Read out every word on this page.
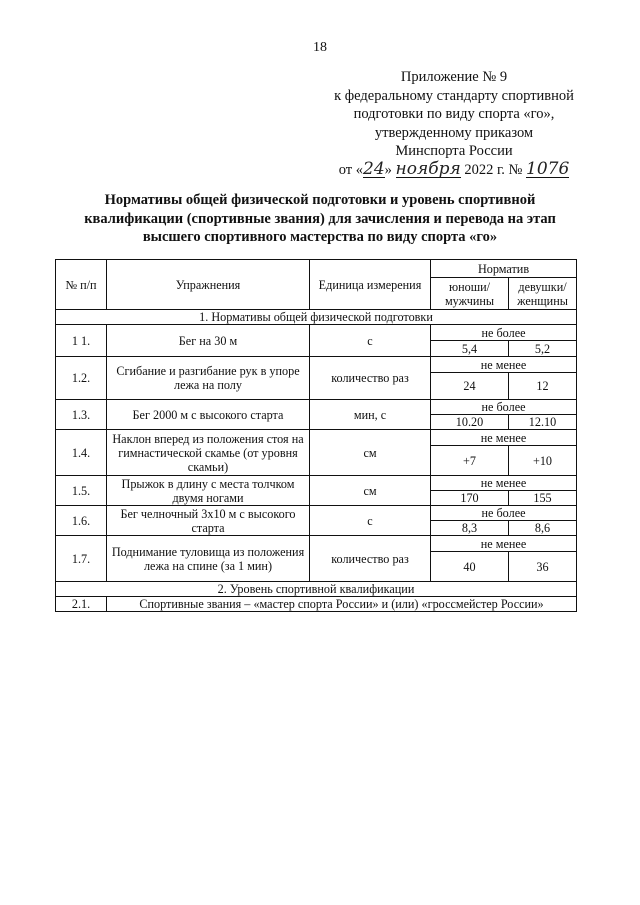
18
Приложение № 9
к федеральному стандарту спортивной
подготовки по виду спорта «го»,
утвержденному приказом
Минспорта России
от «24» ноября 2022 г. № 1076
Нормативы общей физической подготовки и уровень спортивной
квалификации (спортивные звания) для зачисления и перевода на этап
высшего спортивного мастерства по виду спорта «го»
№ п/п	Упражнения	Единица измерения	Норматив	
			юноши/ мужчины	девушки/ женщины
1. Нормативы общей физической подготовки				
1 1.	Бег на 30 м	с	не более	
			5,4	5,2
1.2.	Сгибание и разгибание рук в упоре лежа на полу	количество раз	не менее	
			24	12
1.3.	Бег 2000 м с высокого старта	мин, с	не более	
			10.20	12.10
1.4.	Наклон вперед из положения стоя на гимнастической скамье (от уровня скамьи)	см	не менее	
			+7	+10
1.5.	Прыжок в длину с места толчком двумя ногами	см	не менее	
			170	155
1.6.	Бег челночный 3х10 м с высокого старта	с	не более	
			8,3	8,6
1.7.	Поднимание туловища из положения лежа на спине (за 1 мин)	количество раз	не менее	
			40	36
2. Уровень спортивной квалификации				
2.1.	Спортивные звания – «мастер спорта России» и (или) «гроссмейстер России»			
